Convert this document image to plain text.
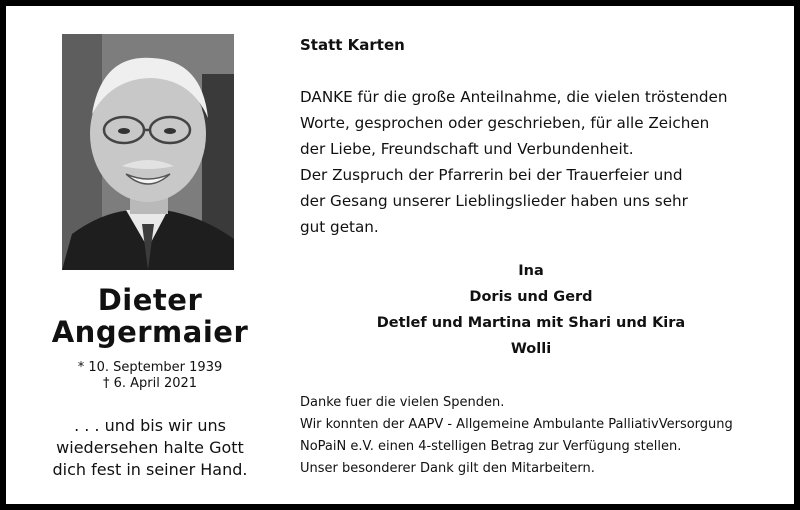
Dieter
Angermaier
* 10. September 1939
† 6. April 2021
. . . und bis wir uns
wiedersehen halte Gott
dich fest in seiner Hand.
Statt Karten
DANKE für die große Anteilnahme, die vielen tröstenden
Worte, gesprochen oder geschrieben, für alle Zeichen
der Liebe, Freundschaft und Verbundenheit.
Der Zuspruch der Pfarrerin bei der Trauerfeier und
der Gesang unserer Lieblingslieder haben uns sehr
gut getan.
Ina
Doris und Gerd
Detlef und Martina mit Shari und Kira
Wolli
Danke fuer die vielen Spenden.
Wir konnten der AAPV - Allgemeine Ambulante PalliativVersorgung
NoPaiN e.V. einen 4-stelligen Betrag zur Verfügung stellen.
Unser besonderer Dank gilt den Mitarbeitern.
